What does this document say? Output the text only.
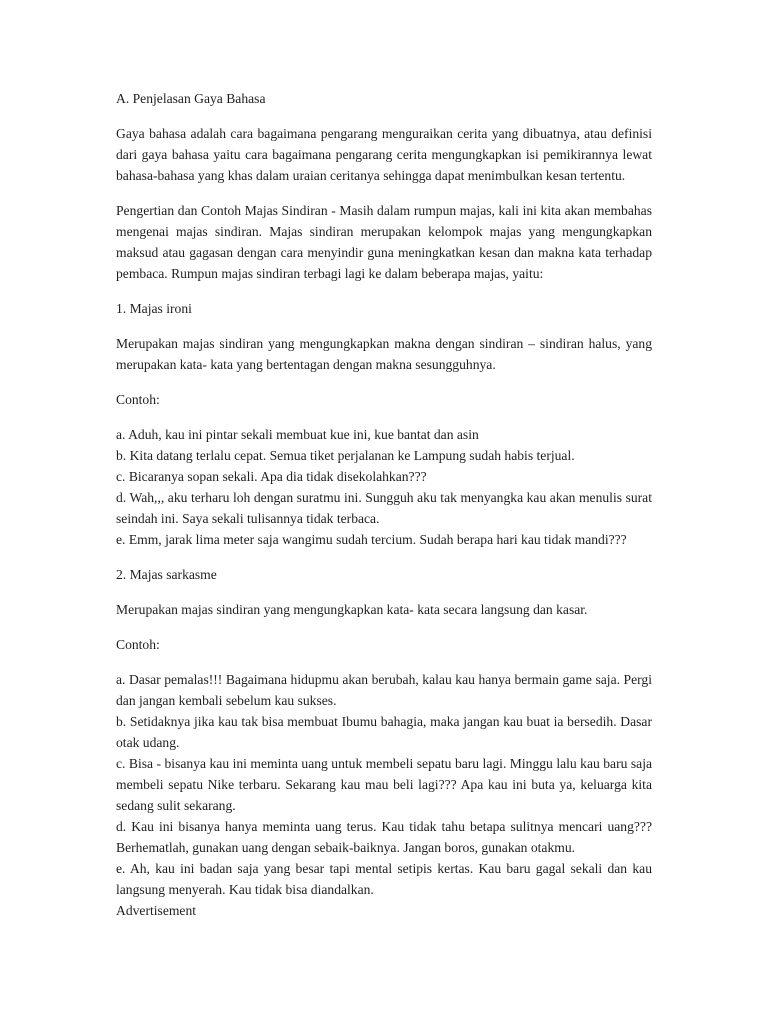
A. Penjelasan Gaya Bahasa

Gaya bahasa adalah cara bagaimana pengarang menguraikan cerita yang dibuatnya, atau definisi dari gaya bahasa yaitu cara bagaimana pengarang cerita mengungkapkan isi pemikirannya lewat bahasa-bahasa yang khas dalam uraian ceritanya sehingga dapat menimbulkan kesan tertentu.

Pengertian dan Contoh Majas Sindiran - Masih dalam rumpun majas, kali ini kita akan membahas mengenai majas sindiran. Majas sindiran merupakan kelompok majas yang mengungkapkan maksud atau gagasan dengan cara menyindir guna meningkatkan kesan dan makna kata terhadap pembaca. Rumpun majas sindiran terbagi lagi ke dalam beberapa majas, yaitu:

1. Majas ironi

Merupakan majas sindiran yang mengungkapkan makna dengan sindiran – sindiran halus, yang merupakan kata- kata yang bertentagan dengan makna sesungguhnya.

Contoh:

a. Aduh, kau ini pintar sekali membuat kue ini, kue bantat dan asin
b. Kita datang terlalu cepat. Semua tiket perjalanan ke Lampung sudah habis terjual.
c. Bicaranya sopan sekali. Apa dia tidak disekolahkan???
d. Wah,,, aku terharu loh dengan suratmu ini. Sungguh aku tak menyangka kau akan menulis surat seindah ini. Saya sekali tulisannya tidak terbaca.
e. Emm, jarak lima meter saja wangimu sudah tercium. Sudah berapa hari kau tidak mandi???

2. Majas sarkasme

Merupakan majas sindiran yang mengungkapkan kata- kata secara langsung dan kasar.

Contoh:

a. Dasar pemalas!!! Bagaimana hidupmu akan berubah, kalau kau hanya bermain game saja. Pergi dan jangan kembali sebelum kau sukses.
b. Setidaknya jika kau tak bisa membuat Ibumu bahagia, maka jangan kau buat ia bersedih. Dasar otak udang.
c. Bisa - bisanya kau ini meminta uang untuk membeli sepatu baru lagi. Minggu lalu kau baru saja membeli sepatu Nike terbaru. Sekarang kau mau beli lagi??? Apa kau ini buta ya, keluarga kita sedang sulit sekarang.
d. Kau ini bisanya hanya meminta uang terus. Kau tidak tahu betapa sulitnya mencari uang??? Berhematlah, gunakan uang dengan sebaik-baiknya. Jangan boros, gunakan otakmu.
e. Ah, kau ini badan saja yang besar tapi mental setipis kertas. Kau baru gagal sekali dan kau langsung menyerah. Kau tidak bisa diandalkan.
Advertisement
